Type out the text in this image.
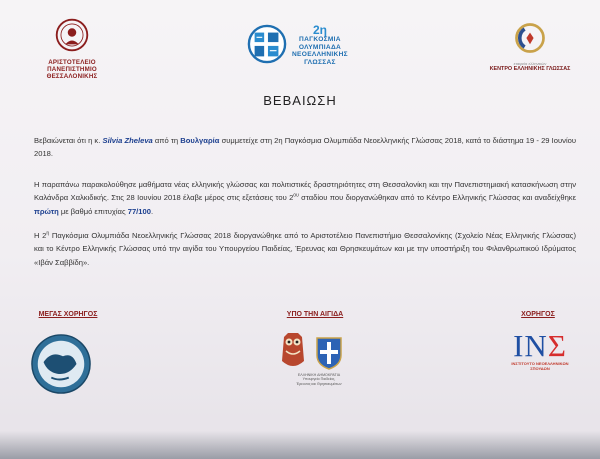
ΑΡΙΣΤΟΤΕΛΕΙΟ
ΠΑΝΕΠΙΣΤΗΜΙΟ
ΘΕΣΣΑΛΟΝΙΚΗΣ
2η
ΠΑΓΚΟΣΜΙΑ
ΟΛΥΜΠΙΑΔΑ
ΝΕΟΕΛΛΗΝΙΚΗΣ
ΓΛΩΣΣΑΣ	εταιρεία ελληνικών
ΚΕΝΤΡΟ ΕΛΛΗΝΙΚΗΣ ΓΛΩΣΣΑΣ
ΒΕΒΑΙΩΣΗ
Βεβαιώνεται ότι η κ. Silvia Zheleva από τη Βουλγαρία συμμετείχε στη 2η Παγκόσμια Ολυμπιάδα Νεοελληνικής Γλώσσας 2018, κατά το διάστημα 19 - 29 Ιουνίου 2018.
Η παραπάνω παρακολούθησε μαθήματα νέας ελληνικής γλώσσας και πολιτιστικές δραστηριότητες στη Θεσσαλονίκη και την Πανεπιστημιακή κατασκήνωση στην Καλάνδρα Χαλκιδικής. Στις 28 Ιουνίου 2018 έλαβε μέρος στις εξετάσεις του $2^{o\upsilon}$ σταδίου που διοργανώθηκαν από το Κέντρο Ελληνικής Γλώσσας και αναδείχθηκε πρώτη με βαθμό επιτυχίας 77/100.
Η $2^\eta$ Παγκόσμια Ολυμπιάδα Νεοελληνικής Γλώσσας 2018 διοργανώθηκε από το Αριστοτέλειο Πανεπιστήμιο Θεσσαλονίκης (Σχολείο Νέας Ελληνικής Γλώσσας) και το Κέντρο Ελληνικής Γλώσσας υπό την αιγίδα του Υπουργείου Παιδείας, Έρευνας και Θρησκευμάτων και με την υποστήριξη του Φιλανθρωπικού Ιδρύματος «Ιβάν Σαββίδη».
ΜΕΓΑΣ ΧΟΡΗΓΟΣ	ΥΠΟ ΤΗΝ ΑΙΓΙΔΑ	ΧΟΡΗΓΟΣ
ΕΛΛΗΝΙΚΗ ΔΗΜΟΚΡΑΤΙΑ
Υπουργείο Παιδείας,
Έρευνας και Θρησκευμάτων
ΙΝΣ
ΙΝΣΤΙΤΟΥΤΟ ΝΕΟΕΛΛΗΝΙΚΩΝ
ΣΠΟΥΔΩΝ
